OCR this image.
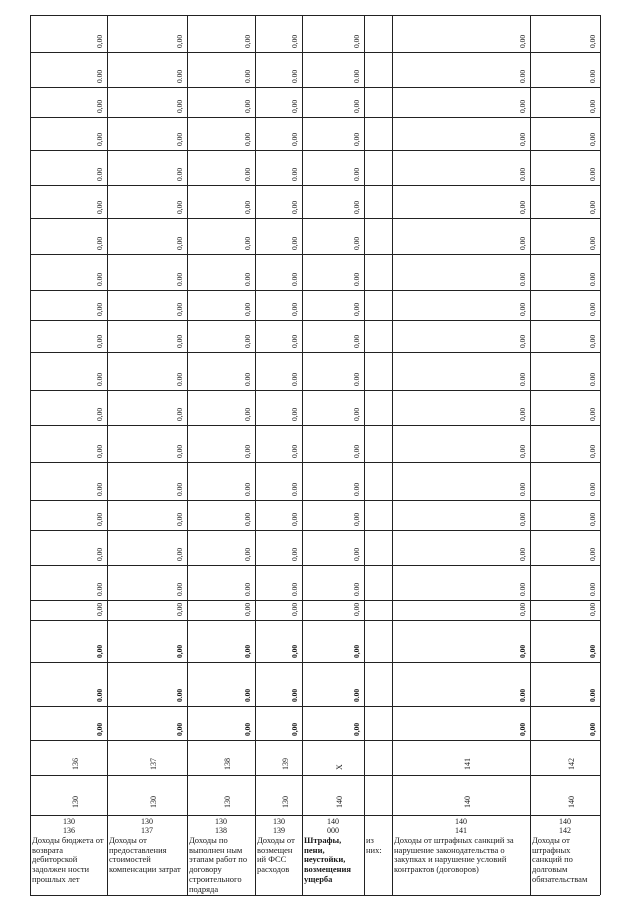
0,00
0.00
0,00
0,00
0.00
0,00
0,00
0.00
0,00
0,00
0.00
0,00
0,00
0.00
0,00
0,00
0.00
0,00
0,00
0.00
0,00
0,00
0.00
0,00
0,00
0.00
0,00
0,00
0.00
0,00
0,00
0.00
0,00
0,00
0.00
0,00
0,00
0.00
0,00
0,00
0.00
0,00
0,00
0.00
0,00
0,00
0.00
0,00
0,00
0.00
0,00
0,00
0.00
0,00
0,00
0.00
0,00
0,00
0.00
0,00
0,00
0.00
0,00
0,00
0.00
0,00
0,00
0.00
0,00
0,00
0.00
0,00
0,00
0.00
0,00
0,00
0.00
0,00
0,00
0.00
0,00
0,00
0.00
0,00
0,00
0.00
0,00
0,00
0.00
0,00
0,00
0.00
0,00
0,00
0.00
0,00
0,00
0.00
0,00
0,00
0.00
0,00
0,00
0.00
0,00
0,00
0.00
0,00
0,00
0.00
0,00
0,00
0.00
0,00
0,00
0.00
0,00
0,00
0.00
0,00
0,00
0.00
0,00
0,00
0.00
0,00
0,00
0.00
0,00
0,00
0.00
0,00
0,00
0.00
0,00
0,00
0.00
0,00
0,00
0.00
0,00
0,00
0.00
0,00
0,00
0.00
0,00
136
130
130
136
Доходы бюджета от возврата дебиторской задолжен ности прошлых лет
137
130
130
137
Доходы от предоставления стоимостей компенсации затрат
138
130
130
138
Доходы по выполнен ным этапам работ по договору строительного подряда
139
130
130
139
Доходы от возмещен ий ФСС расходов
X
140
140
000
Штрафы, пени, неустойки, возмещения ущерба
из них:
141
140
140
141
Доходы от штрафных санкций за нарушение законодательства о закупках и нарушение условий контрактов (договоров)
142
140
140
142
Доходы от штрафных санкций по долговым обязательствам
